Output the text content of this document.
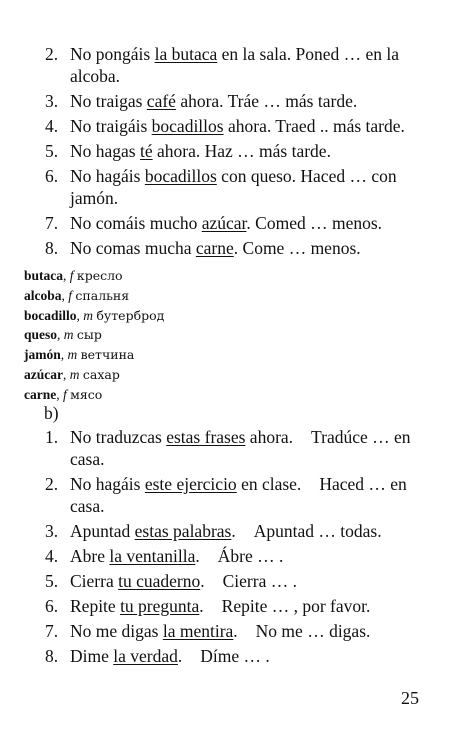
2. No pongáis la butaca en la sala. Poned … en la alcoba.
3. No traigas café ahora. Tráe … más tarde.
4. No traigáis bocadillos ahora. Traed .. más tarde.
5. No hagas té ahora. Haz … más tarde.
6. No hagáis bocadillos con queso. Haced … con jamón.
7. No comáis mucho azúcar. Comed … menos.
8. No comas mucha carne. Come … menos.
butaca, f кресло
alcoba, f спальня
bocadillo, m бутерброд
queso, m сыр
jamón, m ветчина
azúcar, m сахар
carne, f мясо
b)
1. No traduzcas estas frases ahora. Tradúce … en casa.
2. No hagáis este ejercicio en clase. Haced … en casa.
3. Apuntad estas palabras. Apuntad … todas.
4. Abre la ventanilla. Ábre … .
5. Cierra tu cuaderno. Cierra … .
6. Repite tu pregunta. Repite … , por favor.
7. No me digas la mentira. No me … digas.
8. Dime la verdad. Díme … .
25
